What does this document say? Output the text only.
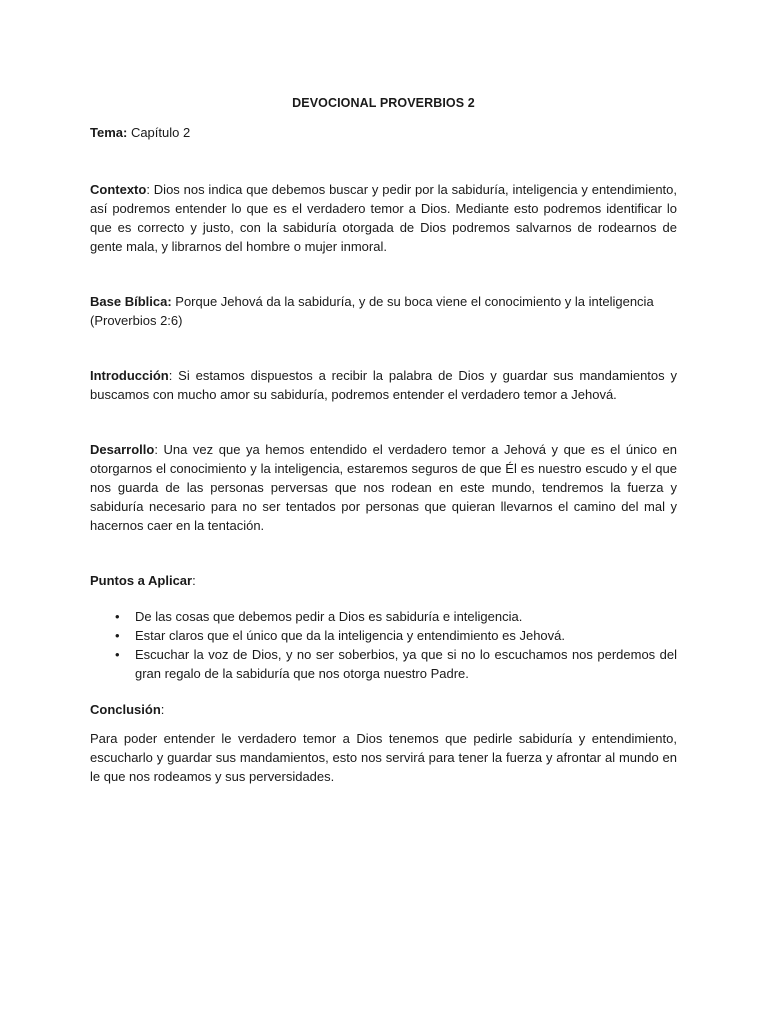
DEVOCIONAL PROVERBIOS 2

Tema: Capítulo 2

Contexto: Dios nos indica que debemos buscar y pedir por la sabiduría, inteligencia y entendimiento, así podremos entender lo que es el verdadero temor a Dios. Mediante esto podremos identificar lo que es correcto y justo, con la sabiduría otorgada de Dios podremos salvarnos de rodearnos de gente mala, y librarnos del hombre o mujer inmoral.

Base Bíblica: Porque Jehová da la sabiduría, y de su boca viene el conocimiento y la inteligencia (Proverbios 2:6)

Introducción: Si estamos dispuestos a recibir la palabra de Dios y guardar sus mandamientos y buscamos con mucho amor su sabiduría, podremos entender el verdadero temor a Jehová.

Desarrollo: Una vez que ya hemos entendido el verdadero temor a Jehová y que es el único en otorgarnos el conocimiento y la inteligencia, estaremos seguros de que Él es nuestro escudo y el que nos guarda de las personas perversas que nos rodean en este mundo, tendremos la fuerza y sabiduría necesario para no ser tentados por personas que quieran llevarnos el camino del mal y hacernos caer en la tentación.

Puntos a Aplicar:

• De las cosas que debemos pedir a Dios es sabiduría e inteligencia.
• Estar claros que el único que da la inteligencia y entendimiento es Jehová.
• Escuchar la voz de Dios, y no ser soberbios, ya que si no lo escuchamos nos perdemos del gran regalo de la sabiduría que nos otorga nuestro Padre.

Conclusión:

Para poder entender le verdadero temor a Dios tenemos que pedirle sabiduría y entendimiento, escucharlo y guardar sus mandamientos, esto nos servirá para tener la fuerza y afrontar al mundo en le que nos rodeamos y sus perversidades.
